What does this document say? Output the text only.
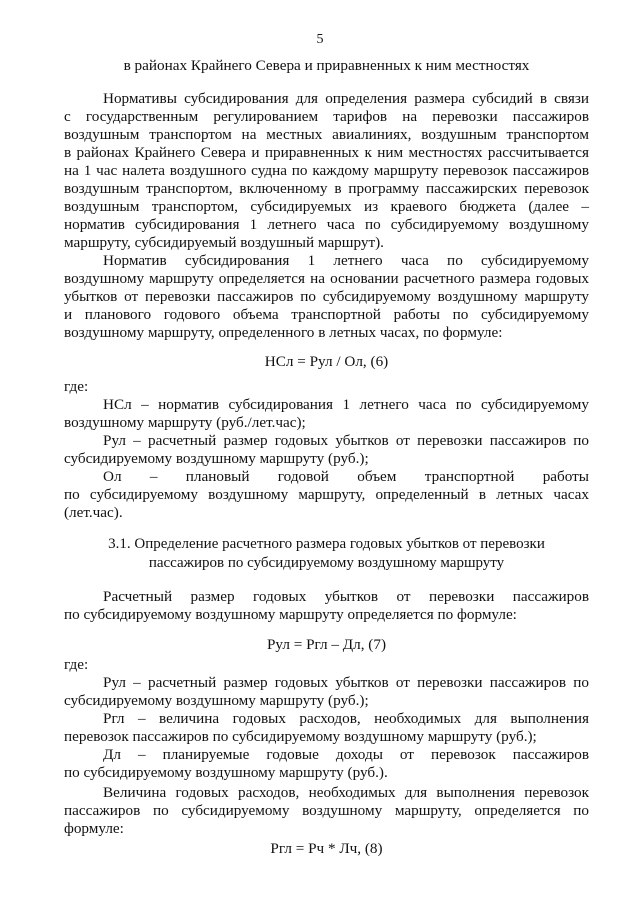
5
в районах Крайнего Севера и приравненных к ним местностях
Нормативы субсидирования для определения размера субсидий в связи
с государственным регулированием тарифов на перевозки пассажиров
воздушным транспортом на местных авиалиниях, воздушным транспортом
в районах Крайнего Севера и приравненных к ним местностях рассчитывается
на 1 час налета воздушного судна по каждому маршруту перевозок пассажиров
воздушным транспортом, включенному в программу пассажирских перевозок
воздушным транспортом, субсидируемых из краевого бюджета (далее –
норматив субсидирования 1 летнего часа по субсидируемому воздушному
маршруту, субсидируемый воздушный маршрут).
Норматив субсидирования 1 летнего часа по субсидируемому
воздушному маршруту определяется на основании расчетного размера годовых
убытков от перевозки пассажиров по субсидируемому воздушному маршруту
и планового годового объема транспортной работы по субсидируемому
воздушному маршруту, определенного в летных часах, по формуле:
НСл = Рул / Ол, (6)
где:
НСл – норматив субсидирования 1 летнего часа по субсидируемому
воздушному маршруту (руб./лет.час);
Рул – расчетный размер годовых убытков от перевозки пассажиров по
субсидируемому воздушному маршруту (руб.);
Ол – плановый годовой объем транспортной работы
по субсидируемому воздушному маршруту, определенный в летных часах
(лет.час).
3.1. Определение расчетного размера годовых убытков от перевозки
пассажиров по субсидируемому воздушному маршруту
Расчетный размер годовых убытков от перевозки пассажиров
по субсидируемому воздушному маршруту определяется по формуле:
Рул = Ргл – Дл, (7)
где:
Рул – расчетный размер годовых убытков от перевозки пассажиров по
субсидируемому воздушному маршруту (руб.);
Ргл – величина годовых расходов, необходимых для выполнения
перевозок пассажиров по субсидируемому воздушному маршруту (руб.);
Дл – планируемые годовые доходы от перевозок пассажиров
по субсидируемому воздушному маршруту (руб.).
Величина годовых расходов, необходимых для выполнения перевозок
пассажиров по субсидируемому воздушному маршруту, определяется по
формуле:
Ргл = Рч * Лч, (8)
